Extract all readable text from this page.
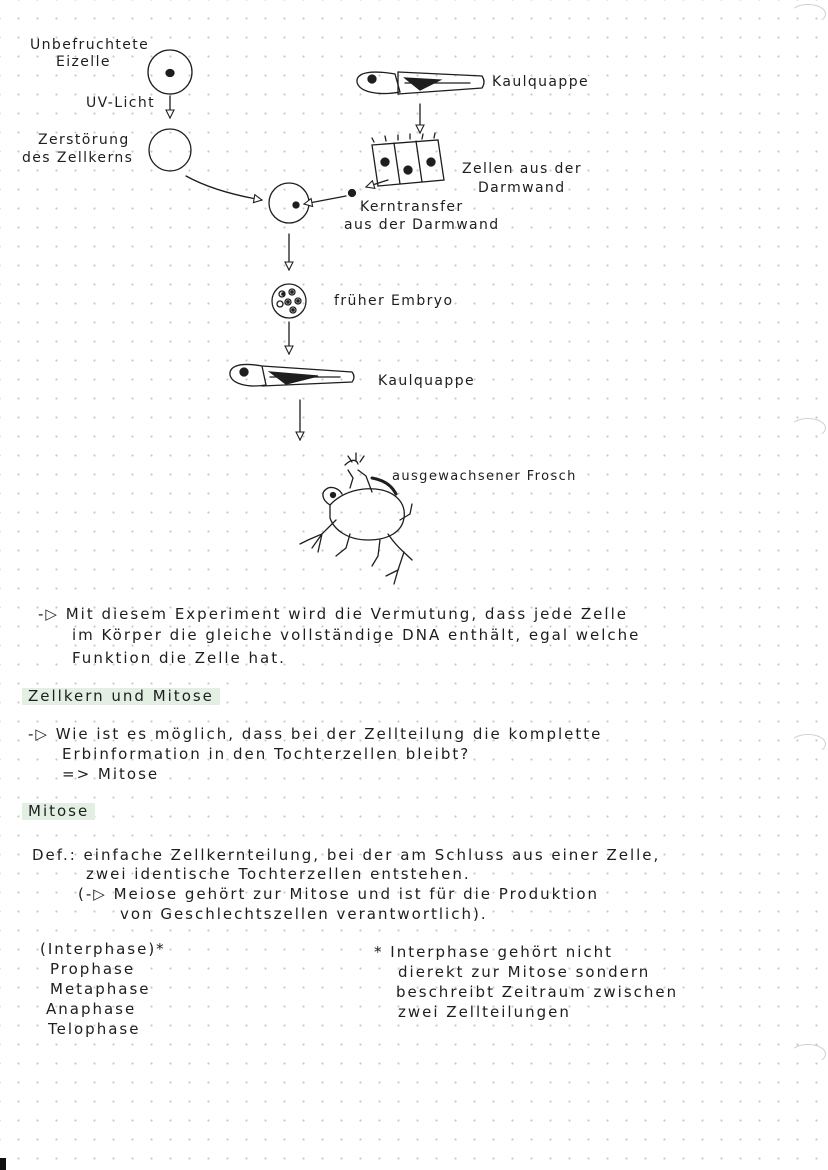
Unbefruchtete
Eizelle
UV-Licht
Zerstörung
des Zellkerns
Kaulquappe
Zellen aus der
Darmwand
Kerntransfer
aus der Darmwand
früher Embryo
Kaulquappe
ausgewachsener Frosch
-▷ Mit diesem Experiment wird die Vermutung, dass jede Zelle
im Körper die gleiche vollständige DNA enthält, egal welche
Funktion die Zelle hat.
Zellkern und Mitose
-▷ Wie ist es möglich, dass bei der Zellteilung die komplette
Erbinformation in den Tochterzellen bleibt?
=> Mitose
Mitose
Def.: einfache Zellkernteilung, bei der am Schluss aus einer Zelle,
zwei identische Tochterzellen entstehen.
(-▷ Meiose gehört zur Mitose und ist für die Produktion
von Geschlechtszellen verantwortlich).
(Interphase)*
Prophase
Metaphase
Anaphase
Telophase
* Interphase gehört nicht
dierekt zur Mitose sondern
beschreibt Zeitraum zwischen
zwei Zellteilungen
